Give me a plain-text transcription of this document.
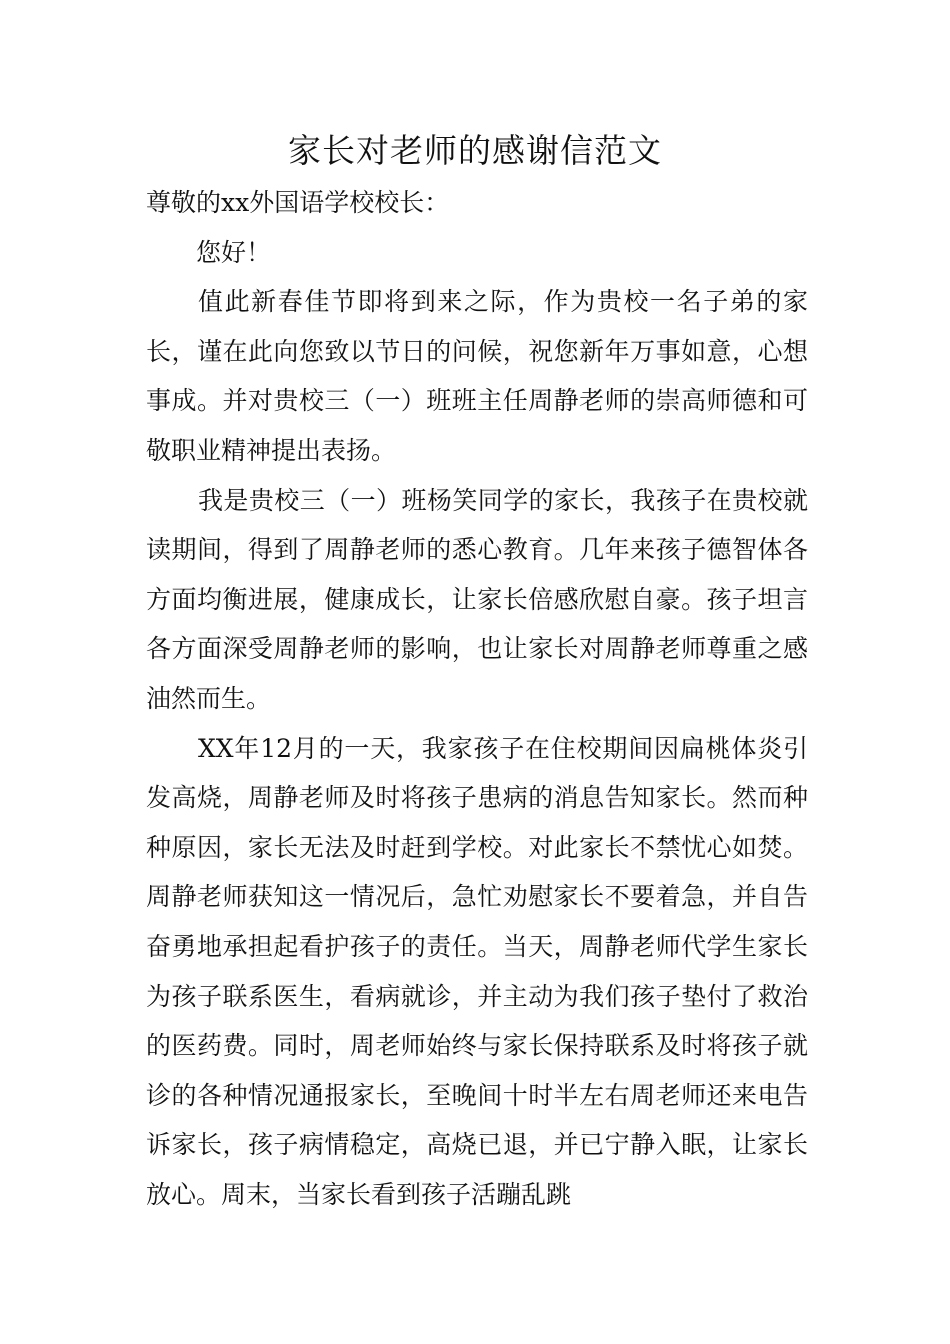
家长对老师的感谢信范文

尊敬的xx外国语学校校长：

您好！

值此新春佳节即将到来之际，作为贵校一名子弟的家长，谨在此向您致以节日的问候，祝您新年万事如意，心想事成。并对贵校三（一）班班主任周静老师的崇高师德和可敬职业精神提出表扬。

我是贵校三（一）班杨笑同学的家长，我孩子在贵校就读期间，得到了周静老师的悉心教育。几年来孩子德智体各方面均衡进展，健康成长，让家长倍感欣慰自豪。孩子坦言各方面深受周静老师的影响，也让家长对周静老师尊重之感油然而生。

XX年12月的一天，我家孩子在住校期间因扁桃体炎引发高烧，周静老师及时将孩子患病的消息告知家长。然而种种原因，家长无法及时赶到学校。对此家长不禁忧心如焚。周静老师获知这一情况后，急忙劝慰家长不要着急，并自告奋勇地承担起看护孩子的责任。当天，周静老师代学生家长为孩子联系医生，看病就诊，并主动为我们孩子垫付了救治的医药费。同时，周老师始终与家长保持联系及时将孩子就诊的各种情况通报家长，至晚间十时半左右周老师还来电告诉家长，孩子病情稳定，高烧已退，并已宁静入眠，让家长放心。周末，当家长看到孩子活蹦乱跳
